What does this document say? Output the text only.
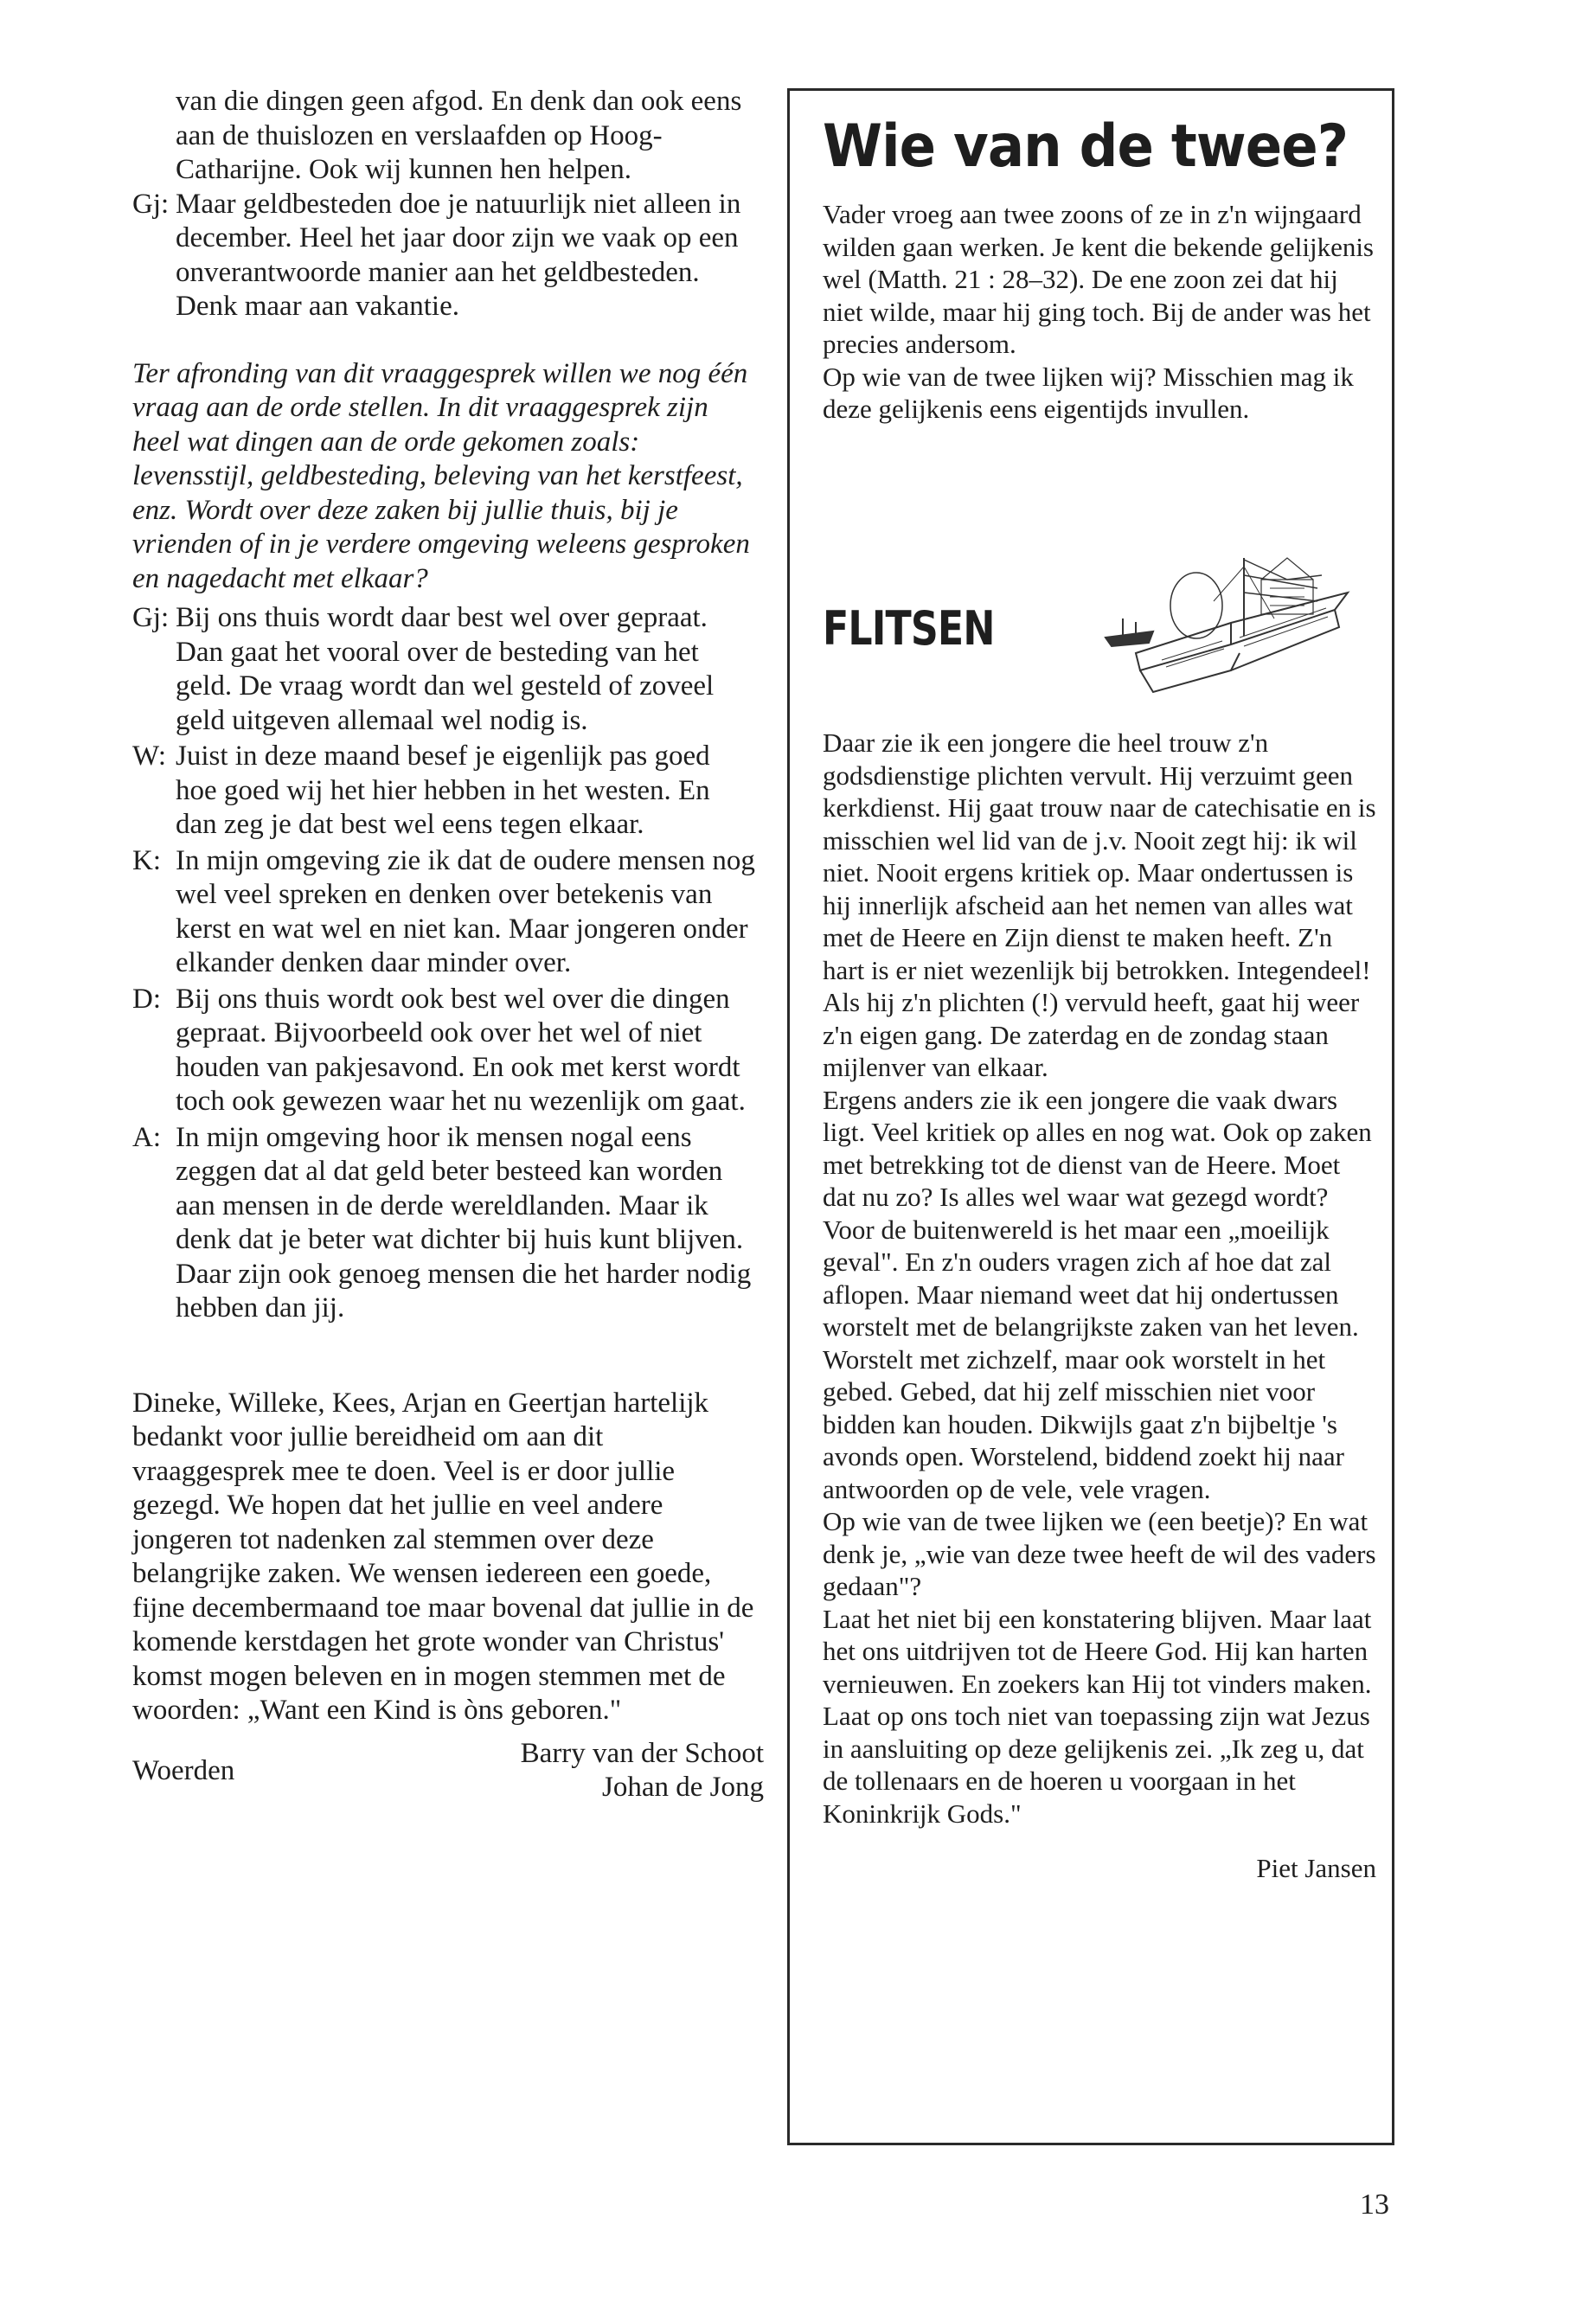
van die dingen geen afgod. En denk dan ook eens aan de thuislozen en verslaafden op Hoog-Catharijne. Ook wij kunnen hen helpen.

Gj: Maar geldbesteden doe je natuurlijk niet alleen in december. Heel het jaar door zijn we vaak op een onverantwoorde manier aan het geldbesteden. Denk maar aan vakantie.

Ter afronding van dit vraaggesprek willen we nog één vraag aan de orde stellen. In dit vraaggesprek zijn heel wat dingen aan de orde gekomen zoals: levensstijl, geldbesteding, beleving van het kerstfeest, enz. Wordt over deze zaken bij jullie thuis, bij je vrienden of in je verdere omgeving weleens gesproken en nagedacht met elkaar?

Gj: Bij ons thuis wordt daar best wel over gepraat. Dan gaat het vooral over de besteding van het geld. De vraag wordt dan wel gesteld of zoveel geld uitgeven allemaal wel nodig is.
W: Juist in deze maand besef je eigenlijk pas goed hoe goed wij het hier hebben in het westen. En dan zeg je dat best wel eens tegen elkaar.
K: In mijn omgeving zie ik dat de oudere mensen nog wel veel spreken en denken over betekenis van kerst en wat wel en niet kan. Maar jongeren onder elkander denken daar minder over.
D: Bij ons thuis wordt ook best wel over die dingen gepraat. Bijvoorbeeld ook over het wel of niet houden van pakjesavond. En ook met kerst wordt toch ook gewezen waar het nu wezenlijk om gaat.
A: In mijn omgeving hoor ik mensen nogal eens zeggen dat al dat geld beter besteed kan worden aan mensen in de derde wereldlanden. Maar ik denk dat je beter wat dichter bij huis kunt blijven. Daar zijn ook genoeg mensen die het harder nodig hebben dan jij.

Dineke, Willeke, Kees, Arjan en Geertjan hartelijk bedankt voor jullie bereidheid om aan dit vraaggesprek mee te doen. Veel is er door jullie gezegd. We hopen dat het jullie en veel andere jongeren tot nadenken zal stemmen over deze belangrijke zaken. We wensen iedereen een goede, fijne decembermaand toe maar bovenal dat jullie in de komende kerstdagen het grote wonder van Christus' komst mogen beleven en in mogen stemmen met de woorden: „Want een Kind is òns geboren."

Woerden
Barry van der Schoot
Johan de Jong

Wie van de twee?

Vader vroeg aan twee zoons of ze in z'n wijngaard wilden gaan werken. Je kent die bekende gelijkenis wel (Matth. 21 : 28–32). De ene zoon zei dat hij niet wilde, maar hij ging toch. Bij de ander was het precies andersom.

Op wie van de twee lijken wij? Misschien mag ik deze gelijkenis eens eigentijds invullen.

FLITSEN

Daar zie ik een jongere die heel trouw z'n godsdienstige plichten vervult. Hij verzuimt geen kerkdienst. Hij gaat trouw naar de catechisatie en is misschien wel lid van de j.v. Nooit zegt hij: ik wil niet. Nooit ergens kritiek op. Maar ondertussen is hij innerlijk afscheid aan het nemen van alles wat met de Heere en Zijn dienst te maken heeft. Z'n hart is er niet wezenlijk bij betrokken. Integendeel! Als hij z'n plichten (!) vervuld heeft, gaat hij weer z'n eigen gang. De zaterdag en de zondag staan mijlenver van elkaar.

Ergens anders zie ik een jongere die vaak dwars ligt. Veel kritiek op alles en nog wat. Ook op zaken met betrekking tot de dienst van de Heere. Moet dat nu zo? Is alles wel waar wat gezegd wordt? Voor de buitenwereld is het maar een „moeilijk geval". En z'n ouders vragen zich af hoe dat zal aflopen. Maar niemand weet dat hij ondertussen worstelt met de belangrijkste zaken van het leven. Worstelt met zichzelf, maar ook worstelt in het gebed. Gebed, dat hij zelf misschien niet voor bidden kan houden. Dikwijls gaat z'n bijbeltje 's avonds open. Worstelend, biddend zoekt hij naar antwoorden op de vele, vele vragen.

Op wie van de twee lijken we (een beetje)? En wat denk je, „wie van deze twee heeft de wil des vaders gedaan"?

Laat het niet bij een konstatering blijven. Maar laat het ons uitdrijven tot de Heere God. Hij kan harten vernieuwen. En zoekers kan Hij tot vinders maken.

Laat op ons toch niet van toepassing zijn wat Jezus in aansluiting op deze gelijkenis zei. „Ik zeg u, dat de tollenaars en de hoeren u voorgaan in het Koninkrijk Gods."

Piet Jansen

13
